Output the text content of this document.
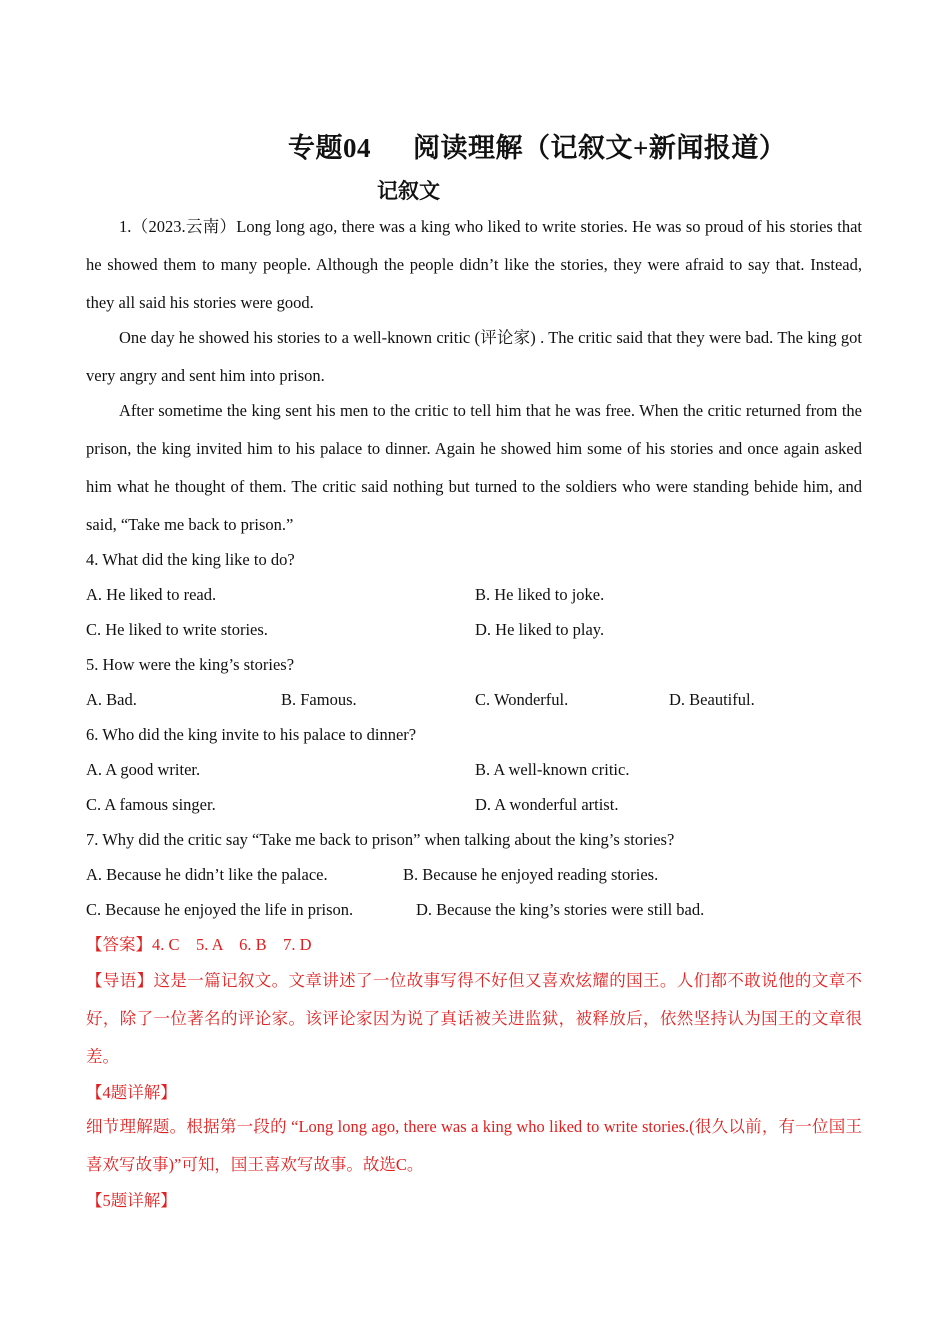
专题04 阅读理解（记叙文+新闻报道）
记叙文

1.（2023.云南）Long long ago, there was a king who liked to write stories. He was so proud of his stories that he showed them to many people. Although the people didn’t like the stories, they were afraid to say that. Instead, they all said his stories were good.

One day he showed his stories to a well-known critic (评论家) . The critic said that they were bad. The king got very angry and sent him into prison.

After sometime the king sent his men to the critic to tell him that he was free. When the critic returned from the prison, the king invited him to his palace to dinner. Again he showed him some of his stories and once again asked him what he thought of them. The critic said nothing but turned to the soldiers who were standing behide him, and said, “Take me back to prison.”

4. What did the king like to do?
A. He liked to read.	B. He liked to joke.
C. He liked to write stories.	D. He liked to play.
5. How were the king’s stories?
A. Bad.	B. Famous.	C. Wonderful.	D. Beautiful.
6. Who did the king invite to his palace to dinner?
A. A good writer.	B. A well-known critic.
C. A famous singer.	D. A wonderful artist.
7. Why did the critic say “Take me back to prison” when talking about the king’s stories?
A. Because he didn’t like the palace.	B. Because he enjoyed reading stories.
C. Because he enjoyed the life in prison.	D. Because the king’s stories were still bad.
【答案】4. C　5. A　6. B　7. D

【导语】这是一篇记叙文。文章讲述了一位故事写得不好但又喜欢炫耀的国王。人们都不敢说他的文章不好，除了一位著名的评论家。该评论家因为说了真话被关进监狱，被释放后，依然坚持认为国王的文章很差。

【4题详解】

细节理解题。根据第一段的 “Long long ago, there was a king who liked to write stories.(很久以前，有一位国王喜欢写故事)”可知，国王喜欢写故事。故选C。

【5题详解】
